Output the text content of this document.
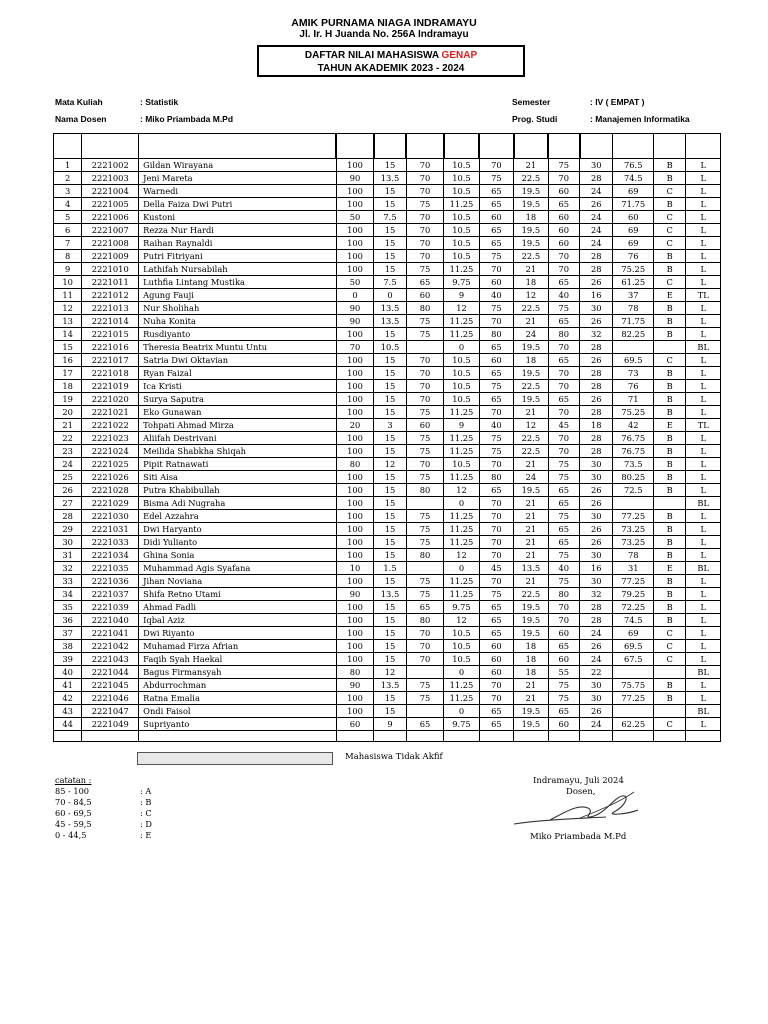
AMIK PURNAMA NIAGA INDRAMAYU
Jl. Ir. H Juanda No. 256A Indramayu
DAFTAR NILAI MAHASISWA GENAP
TAHUN AKADEMIK 2023 - 2024
Mata Kuliah	: Statistik
Nama Dosen	: Miko Priambada M.Pd
Semester	: IV ( EMPAT )
Prog. Studi	: Manajemen Informatika

1	2221002	Gildan Wirayana	100	15	70	10.5	70	21	75	30	76.5	B	L
2	2221003	Jeni Mareta	90	13.5	70	10.5	75	22.5	70	28	74.5	B	L
3	2221004	Warnedi	100	15	70	10.5	65	19.5	60	24	69	C	L
4	2221005	Della Faiza Dwi Putri	100	15	75	11.25	65	19.5	65	26	71.75	B	L
5	2221006	Kustoni	50	7.5	70	10.5	60	18	60	24	60	C	L
6	2221007	Rezza Nur Hardi	100	15	70	10.5	65	19.5	60	24	69	C	L
7	2221008	Raihan Raynaldi	100	15	70	10.5	65	19.5	60	24	69	C	L
8	2221009	Putri Fitriyani	100	15	70	10.5	75	22.5	70	28	76	B	L
9	2221010	Lathifah Nursabilah	100	15	75	11.25	70	21	70	28	75.25	B	L
10	2221011	Luthfia Lintang Mustika	50	7.5	65	9.75	60	18	65	26	61.25	C	L
11	2221012	Agung Fauji	0	0	60	9	40	12	40	16	37	E	TL
12	2221013	Nur Sholihah	90	13.5	80	12	75	22.5	75	30	78	B	L
13	2221014	Nuha Konita	90	13.5	75	11.25	70	21	65	26	71.75	B	L
14	2221015	Rusdiyanto	100	15	75	11.25	80	24	80	32	82.25	B	L
15	2221016	Theresia Beatrix Muntu Untu	70	10.5		0	65	19.5	70	28			BL
16	2221017	Satria Dwi Oktavian	100	15	70	10.5	60	18	65	26	69.5	C	L
17	2221018	Ryan Faizal	100	15	70	10.5	65	19.5	70	28	73	B	L
18	2221019	Ica Kristi	100	15	70	10.5	75	22.5	70	28	76	B	L
19	2221020	Surya Saputra	100	15	70	10.5	65	19.5	65	26	71	B	L
20	2221021	Eko Gunawan	100	15	75	11.25	70	21	70	28	75.25	B	L
21	2221022	Tohpati Ahmad Mirza	20	3	60	9	40	12	45	18	42	E	TL
22	2221023	Aliifah Destrivani	100	15	75	11.25	75	22.5	70	28	76.75	B	L
23	2221024	Meilida Shabkha Shiqah	100	15	75	11.25	75	22.5	70	28	76.75	B	L
24	2221025	Pipit Ratnawati	80	12	70	10.5	70	21	75	30	73.5	B	L
25	2221026	Siti Aisa	100	15	75	11.25	80	24	75	30	80.25	B	L
26	2221028	Putra Khabibullah	100	15	80	12	65	19.5	65	26	72.5	B	L
27	2221029	Bisma Adi Nugraha	100	15		0	70	21	65	26			BL
28	2221030	Edel Azzahra	100	15	75	11.25	70	21	75	30	77.25	B	L
29	2221031	Dwi Haryanto	100	15	75	11.25	70	21	65	26	73.25	B	L
30	2221033	Didi Yulianto	100	15	75	11.25	70	21	65	26	73.25	B	L
31	2221034	Ghina Sonia	100	15	80	12	70	21	75	30	78	B	L
32	2221035	Muhammad Agis Syafana	10	1.5		0	45	13.5	40	16	31	E	BL
33	2221036	Jihan Noviana	100	15	75	11.25	70	21	75	30	77.25	B	L
34	2221037	Shifa Retno Utami	90	13.5	75	11.25	75	22.5	80	32	79.25	B	L
35	2221039	Ahmad Fadli	100	15	65	9.75	65	19.5	70	28	72.25	B	L
36	2221040	Iqbal Aziz	100	15	80	12	65	19.5	70	28	74.5	B	L
37	2221041	Dwi Riyanto	100	15	70	10.5	65	19.5	60	24	69	C	L
38	2221042	Muhamad Firza Afrian	100	15	70	10.5	60	18	65	26	69.5	C	L
39	2221043	Faqih Syah Haekal	100	15	70	10.5	60	18	60	24	67.5	C	L
40	2221044	Bagus Firmansyah	80	12		0	60	18	55	22			BL
41	2221045	Abdurrochman	90	13.5	75	11.25	70	21	75	30	75.75	B	L
42	2221046	Ratna Emalia	100	15	75	11.25	70	21	75	30	77.25	B	L
43	2221047	Ondi Faisol	100	15		0	65	19.5	65	26			BL
44	2221049	Supriyanto	60	9	65	9.75	65	19.5	60	24	62.25	C	L

Mahasiswa Tidak Akfif
catatan :
85 - 100	: A
70 - 84,5	: B
60 - 69,5	: C
45 - 59,5	: D
0 - 44,5	: E
Indramayu, Juli 2024
Dosen,
Miko Priambada M.Pd
